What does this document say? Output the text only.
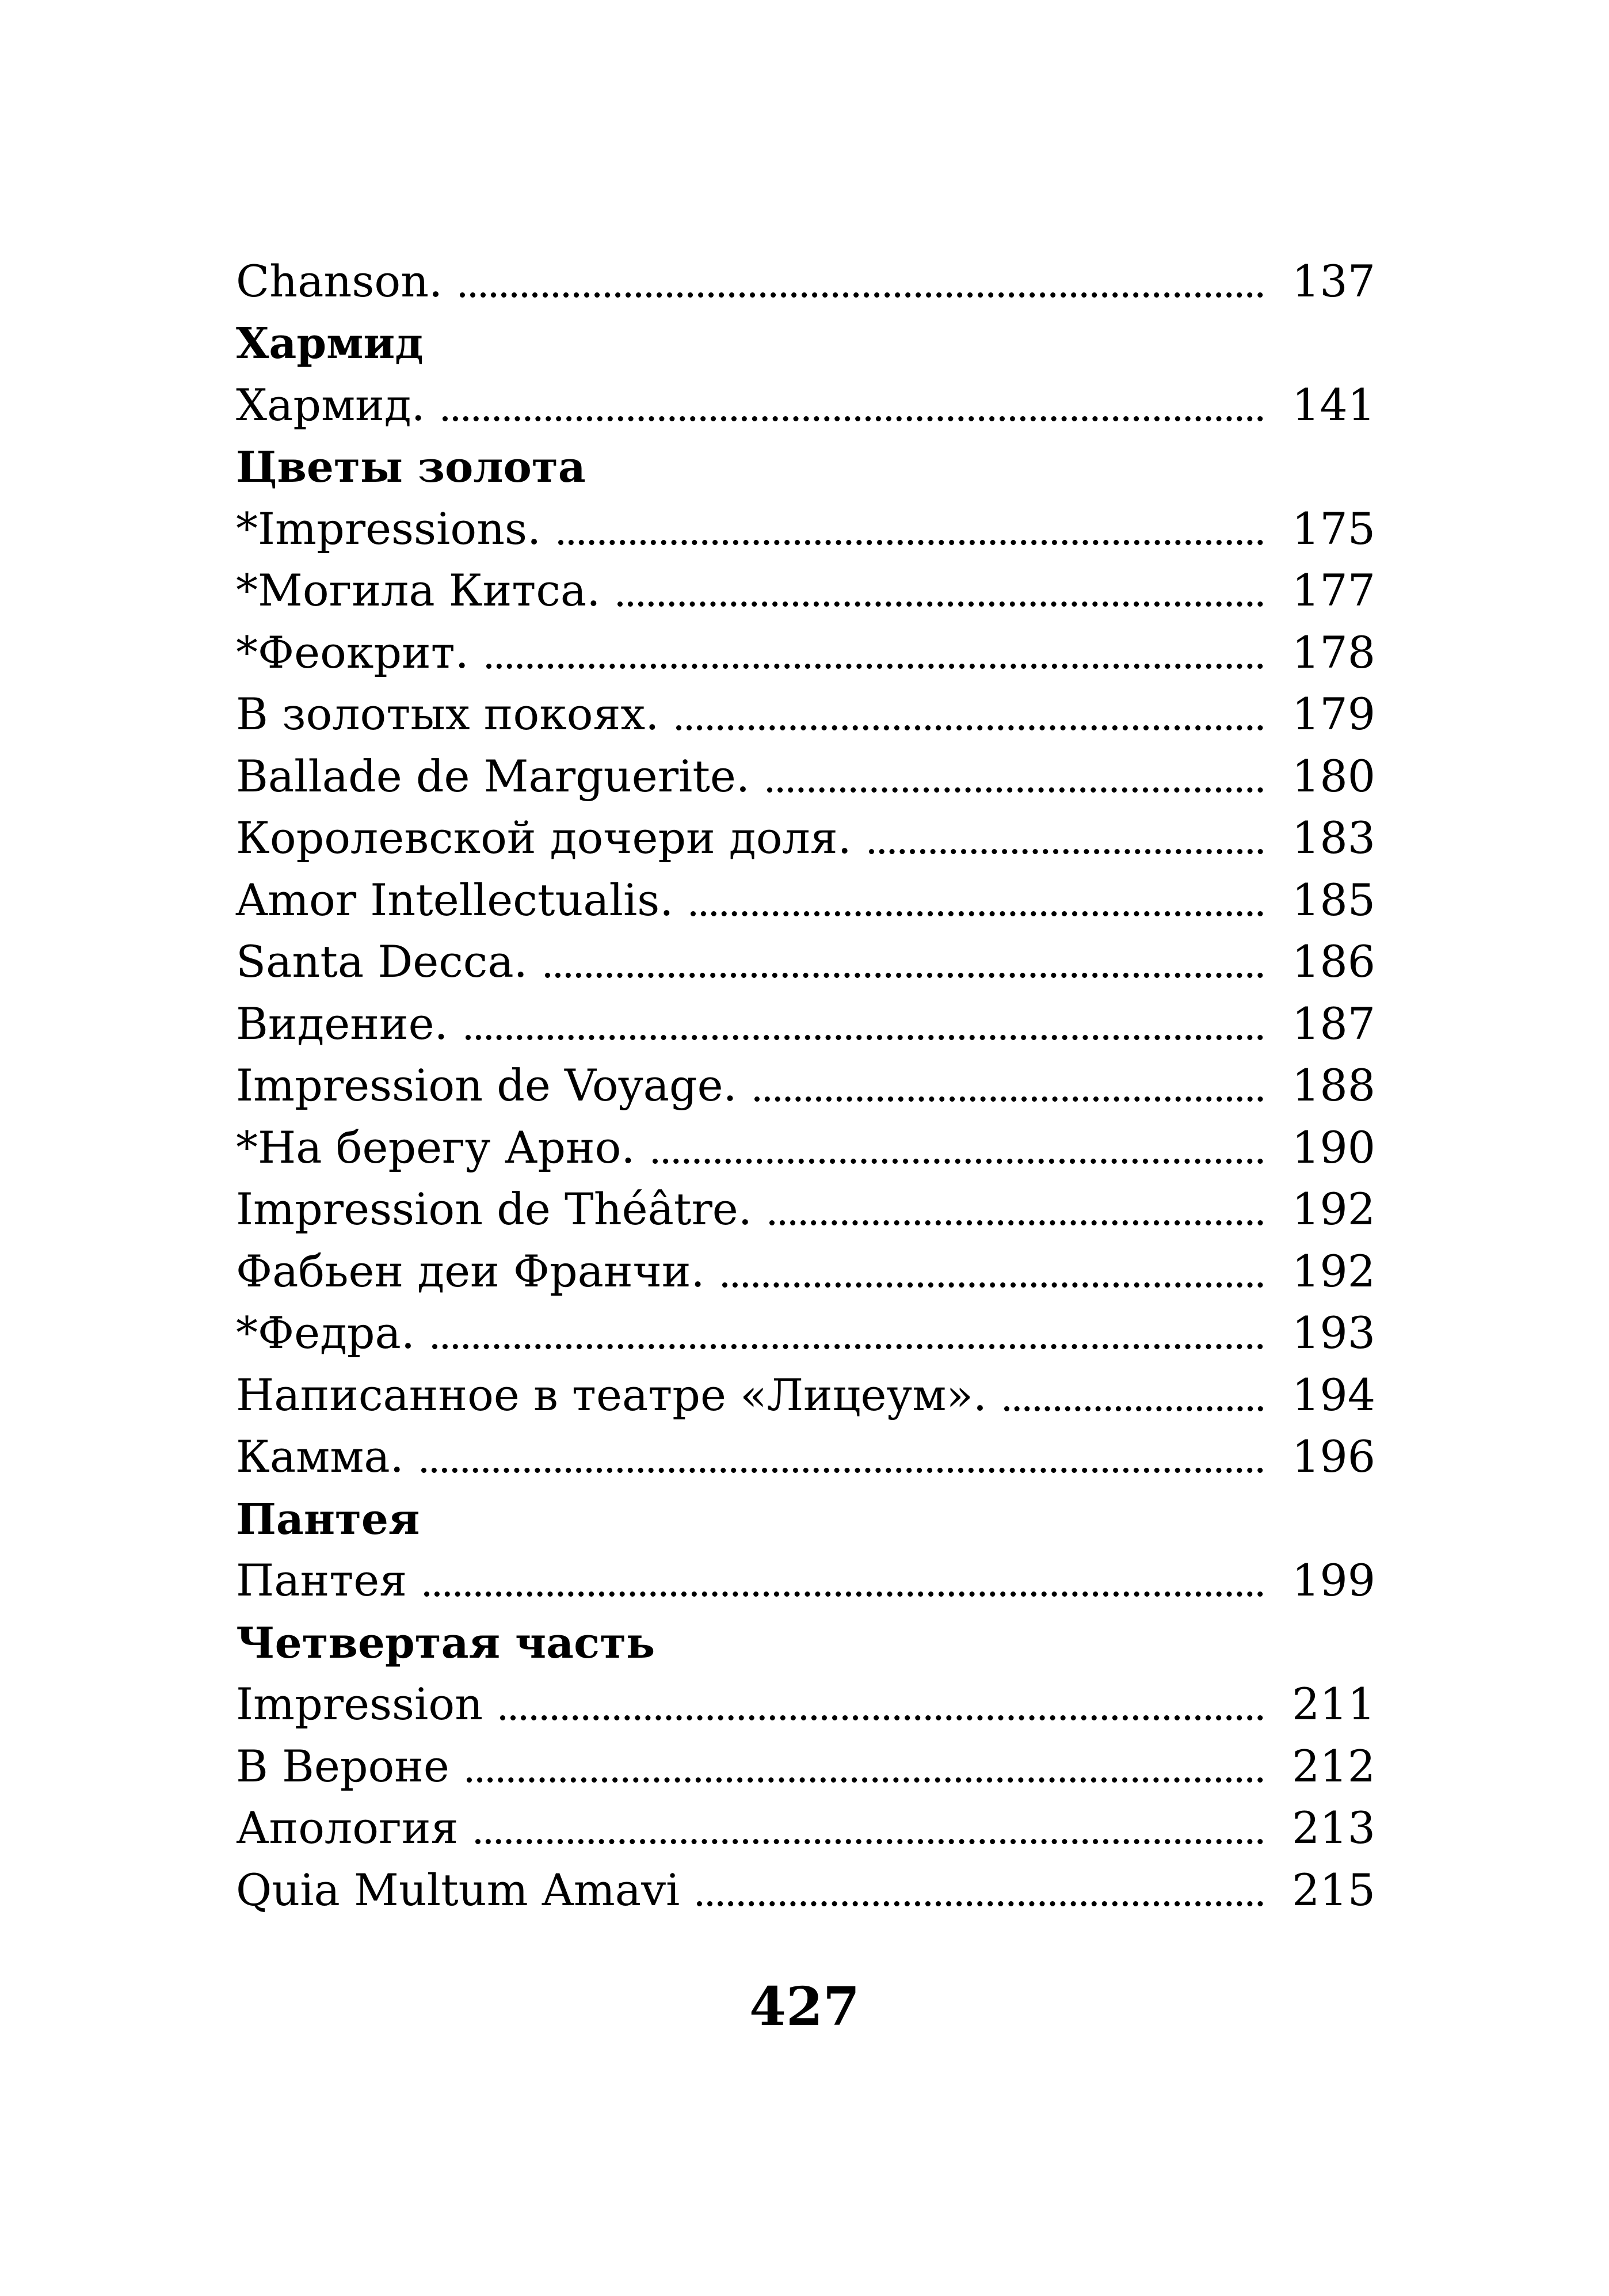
Chanson.	137
Хармид
Хармид.	141
Цветы золота
*Impressions.	175
*Могила Китса.	177
*Феокрит.	178
В золотых покоях.	179
Ballade de Marguerite.	180
Королевской дочери доля.	183
Amor Intellectualis.	185
Santa Decca.	186
Видение.	187
Impression de Voyage.	188
*На берегу Арно.	190
Impression de Théâtre.	192
Фабьен деи Франчи.	192
*Федра.	193
Написанное в театре «Лицеум».	194
Камма.	196
Пантея
Пантея	199
Четвертая часть
Impression	211
В Вероне	212
Апология	213
Quia Multum Amavi	215
427
